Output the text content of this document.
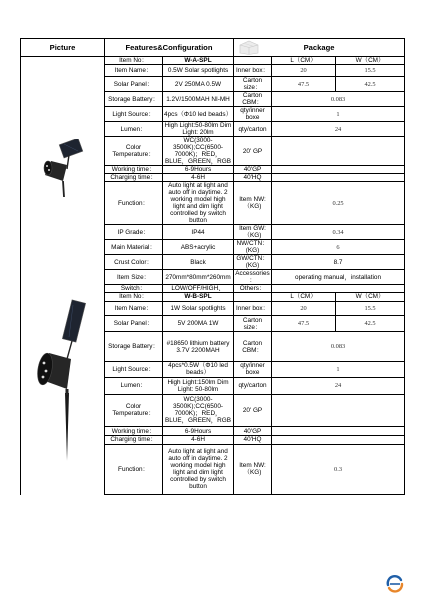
Picture	Features&Configuration		Package		
	Item No：	W-A-SPL		L（CM）	W（CM）
	Item Name：	0.5W Solar spotlights	Inner box：	20	15.5
	Solar Panel：	2V 250MA 0.5W	Carton size：	47.5	42.5
	Storage Battery：	1.2V/1500MAH NI-MH	Carton CBM：	0.083	
	Light Source：	4pcs（Φ10 led beads）	qty/inner boxe	1	
	Lumen：	High Light:50-80lm Dim Light: 20lm	qty/carton	24	
	Color Temperature：	WC(3000-3500K);CC(6500-7000K)；RED，BLUE，GREEN，RGB	20' GP		
	Working time：	6-9Hours	40'GP		
	Charging time：	4-6H	40'HQ		
	Function：	Auto light at light and auto off in daytime. 2 working model high light and dim light controlled by switch button	Item NW:（KG)	0.25	
	IP Grade：	IP44	Item GW:（KG)	0.34	
	Main Material：	ABS+acrylic	NW/CTN：(KG)	6	
	Crust Color：	Black	GW/CTN：(KG)	8.7	
	Item Size：	270mm*80mm*260mm	Accessories：	operating manual，installation	
	Switch：	LOW/OFF/HIGH、	Others：		
	Item No：	W-B-SPL		L（CM）	W（CM）
	Item Name：	1W Solar spotlights	Inner box：	20	15.5
	Solar Panel：	5V 200MA 1W	Carton size：	47.5	42.5
	Storage Battery：	#18650 lithium battery 3.7V 2200MAH	Carton CBM：	0.083	
	Light Source：	4pcs*0.5W（Φ10 led beads）	qty/inner boxe	1	
	Lumen：	High Light:150lm Dim Light: 50-80lm	qty/carton	24	
	Color Temperature：	WC(3000-3500K);CC(6500-7000K)；RED，BLUE，GREEN，RGB	20' GP		
	Working time：	6-9Hours	40'GP		
	Charging time：	4-6H	40'HQ		
	Function：	Auto light at light and auto off in daytime. 2 working model high light and dim light controlled by switch button	Item NW:（KG)	0.3	
